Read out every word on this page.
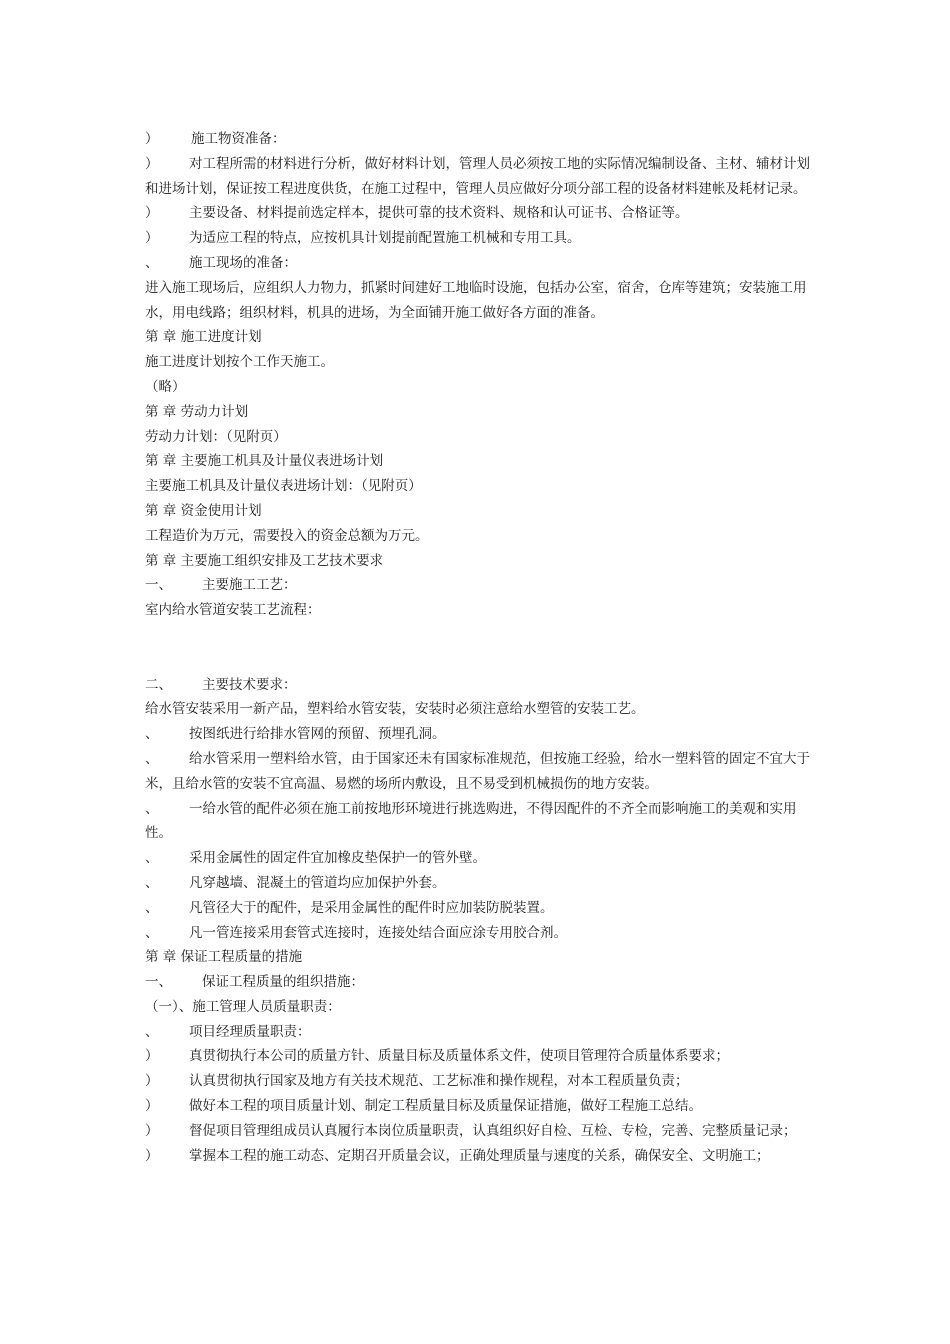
）	施工物资准备：
） 对工程所需的材料进行分析，做好材料计划，管理人员必须按工地的实际情况编制设备、主材、辅材计划和进场计划，保证按工程进度供货，在施工过程中，管理人员应做好分项分部工程的设备材料建帐及耗材记录。
）	主要设备、材料提前选定样本，提供可靠的技术资料、规格和认可证书、合格证等。
）	为适应工程的特点，应按机具计划提前配置施工机械和专用工具。
、	施工现场的准备：
进入施工现场后，应组织人力物力，抓紧时间建好工地临时设施，包括办公室，宿舍，仓库等建筑；安装施工用水，用电线路；组织材料，机具的进场，为全面铺开施工做好各方面的准备。
第 章 施工进度计划
施工进度计划按个工作天施工。
（略）
第 章 劳动力计划
劳动力计划：（见附页）
第 章 主要施工机具及计量仪表进场计划
主要施工机具及计量仪表进场计划：（见附页）
第 章 资金使用计划
工程造价为万元，需要投入的资金总额为万元。
第 章 主要施工组织安排及工艺技术要求
一、	主要施工工艺：
室内给水管道安装工艺流程：
二、	主要技术要求：
给水管安装采用一新产品，塑料给水管安装，安装时必须注意给水塑管的安装工艺。
、	按图纸进行给排水管网的预留、预埋孔洞。
、 给水管采用一塑料给水管，由于国家还未有国家标准规范，但按施工经验，给水一塑料管的固定不宜大于米，且给水管的安装不宜高温、易燃的场所内敷设，且不易受到机械损伤的地方安装。
、 一给水管的配件必须在施工前按地形环境进行挑选购进，不得因配件的不齐全而影响施工的美观和实用性。
、	采用金属性的固定件宜加橡皮垫保护一的管外壁。
、	凡穿越墙、混凝土的管道均应加保护外套。
、	凡管径大于的配件，是采用金属性的配件时应加装防脱装置。
、	凡一管连接采用套管式连接时，连接处结合面应涂专用胶合剂。
第 章 保证工程质量的措施
一、	保证工程质量的组织措施：
（一）、施工管理人员质量职责：
、	项目经理质量职责：
）	真贯彻执行本公司的质量方针、质量目标及质量体系文件，使项目管理符合质量体系要求；
）	认真贯彻执行国家及地方有关技术规范、工艺标准和操作规程，对本工程质量负责；
）	做好本工程的项目质量计划、制定工程质量目标及质量保证措施，做好工程施工总结。
） 督促项目管理组成员认真履行本岗位质量职责，认真组织好自检、互检、专检，完善、完整质量记录；
）	掌握本工程的施工动态、定期召开质量会议，正确处理质量与速度的关系，确保安全、文明施工；
